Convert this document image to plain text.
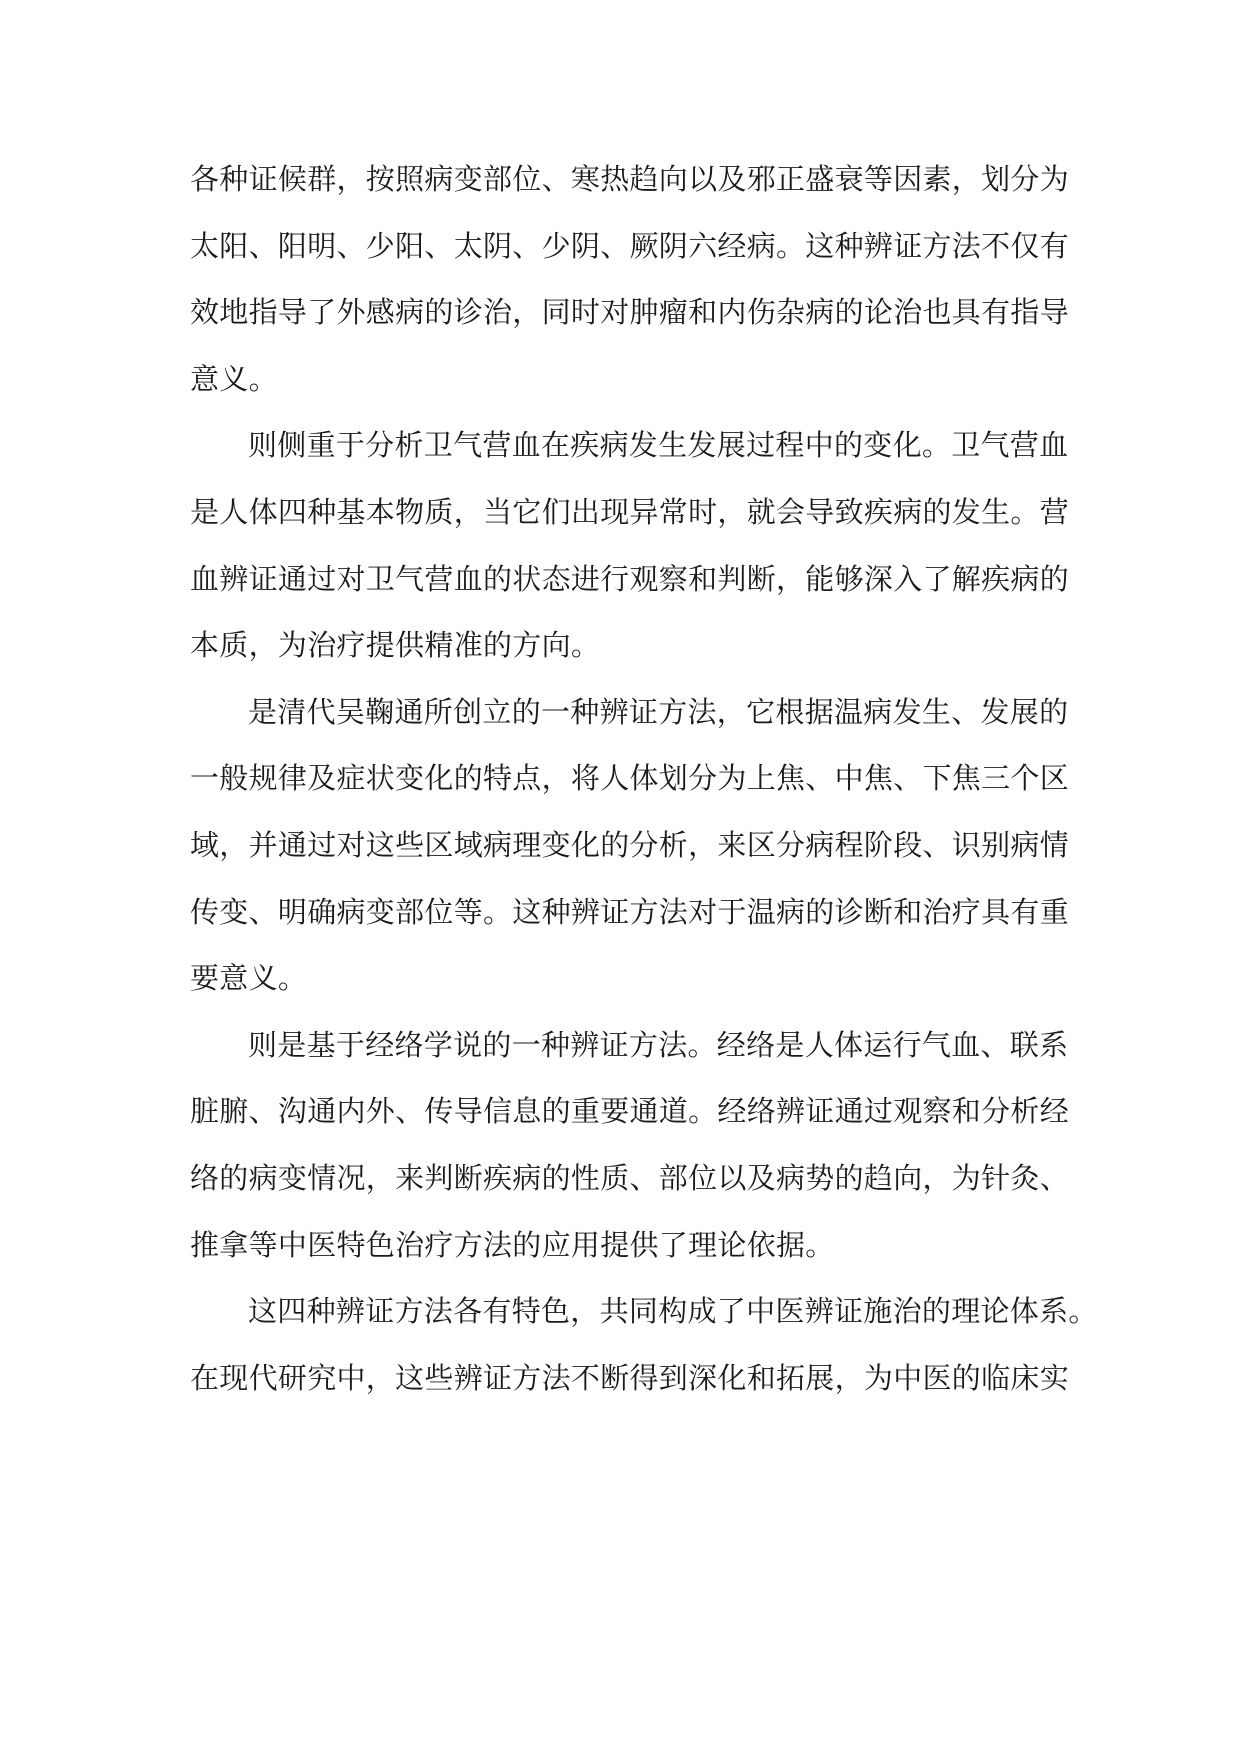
各种证候群，按照病变部位、寒热趋向以及邪正盛衰等因素，划分为
太阳、阳明、少阳、太阴、少阴、厥阴六经病。这种辨证方法不仅有
效地指导了外感病的诊治，同时对肿瘤和内伤杂病的论治也具有指导
意义。
则侧重于分析卫气营血在疾病发生发展过程中的变化。卫气营血
是人体四种基本物质，当它们出现异常时，就会导致疾病的发生。营
血辨证通过对卫气营血的状态进行观察和判断，能够深入了解疾病的
本质，为治疗提供精准的方向。
是清代吴鞠通所创立的一种辨证方法，它根据温病发生、发展的
一般规律及症状变化的特点，将人体划分为上焦、中焦、下焦三个区
域，并通过对这些区域病理变化的分析，来区分病程阶段、识别病情
传变、明确病变部位等。这种辨证方法对于温病的诊断和治疗具有重
要意义。
则是基于经络学说的一种辨证方法。经络是人体运行气血、联系
脏腑、沟通内外、传导信息的重要通道。经络辨证通过观察和分析经
络的病变情况，来判断疾病的性质、部位以及病势的趋向，为针灸、
推拿等中医特色治疗方法的应用提供了理论依据。
这四种辨证方法各有特色，共同构成了中医辨证施治的理论体系。
在现代研究中，这些辨证方法不断得到深化和拓展，为中医的临床实
